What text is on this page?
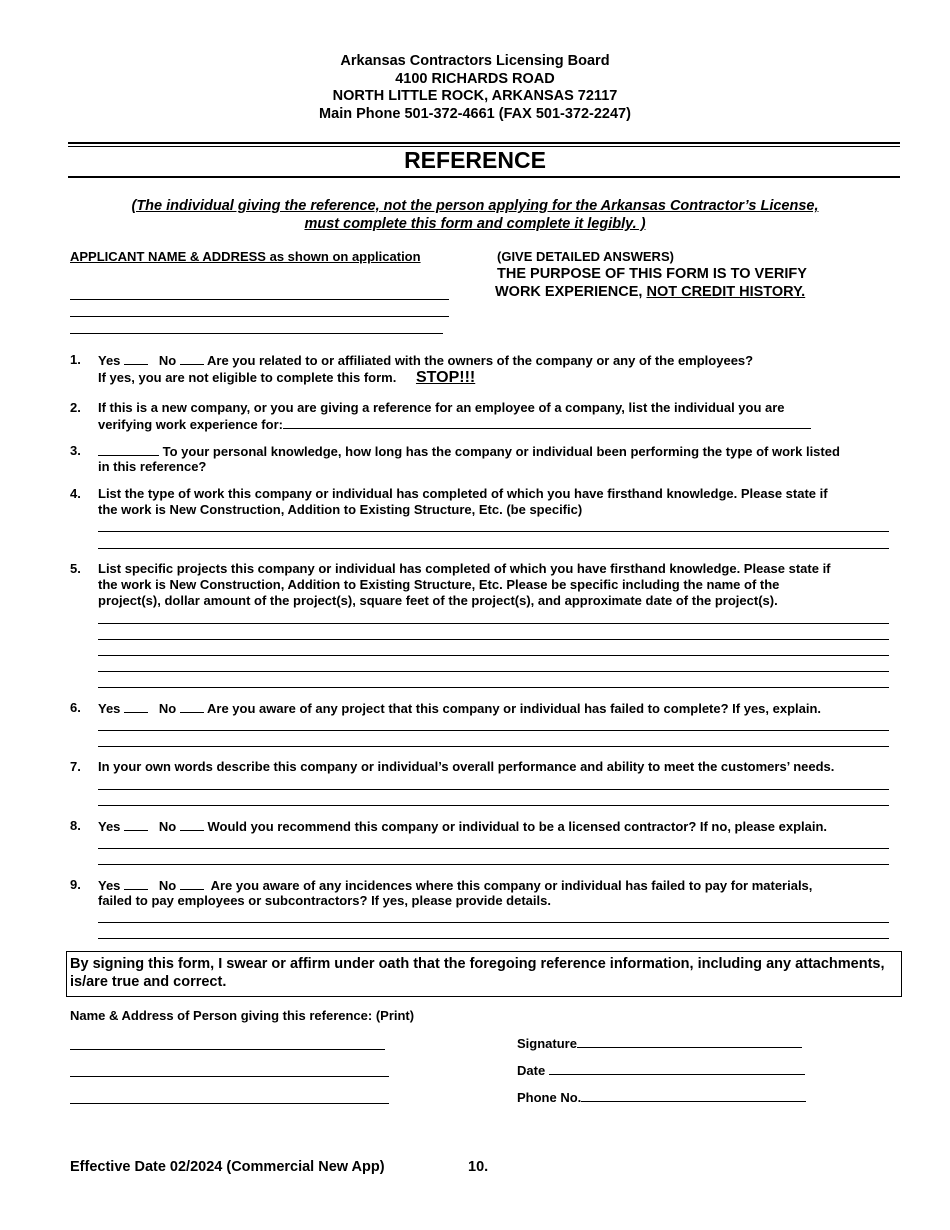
Arkansas Contractors Licensing Board
4100 RICHARDS ROAD
NORTH LITTLE ROCK, ARKANSAS 72117
Main Phone 501-372-4661 (FAX 501-372-2247)
REFERENCE
(The individual giving the reference, not the person applying for the Arkansas Contractor’s License,
must complete this form and complete it legibly. )
APPLICANT NAME & ADDRESS as shown on application	(GIVE DETAILED ANSWERS)
THE PURPOSE OF THIS FORM IS TO VERIFY
WORK EXPERIENCE, NOT CREDIT HISTORY.
1. Yes	No Are you related to or affiliated with the owners of the company or any of the employees?
If yes, you are not eligible to complete this form. STOP!!!
2. If this is a new company, or you are giving a reference for an employee of a company, list the individual you are
verifying work experience for:
3.	To your personal knowledge, how long has the company or individual been performing the type of work listed
in this reference?
4. List the type of work this company or individual has completed of which you have firsthand knowledge. Please state if
the work is New Construction, Addition to Existing Structure, Etc. (be specific)
5. List specific projects this company or individual has completed of which you have firsthand knowledge. Please state if
the work is New Construction, Addition to Existing Structure, Etc. Please be specific including the name of the
project(s), dollar amount of the project(s), square feet of the project(s), and approximate date of the project(s).
6. Yes	No Are you aware of any project that this company or individual has failed to complete? If yes, explain.
7. In your own words describe this company or individual’s overall performance and ability to meet the customers’ needs.
8. Yes	No Would you recommend this company or individual to be a licensed contractor? If no, please explain.
9. Yes	No	Are you aware of any incidences where this company or individual has failed to pay for materials,
failed to pay employees or subcontractors? If yes, please provide details.
By signing this form, I swear or affirm under oath that the foregoing reference information, including any attachments, is/are true and correct.
Name & Address of Person giving this reference: (Print)
Signature
Date
Phone No.
Effective Date 02/2024 (Commercial New App)	10.
